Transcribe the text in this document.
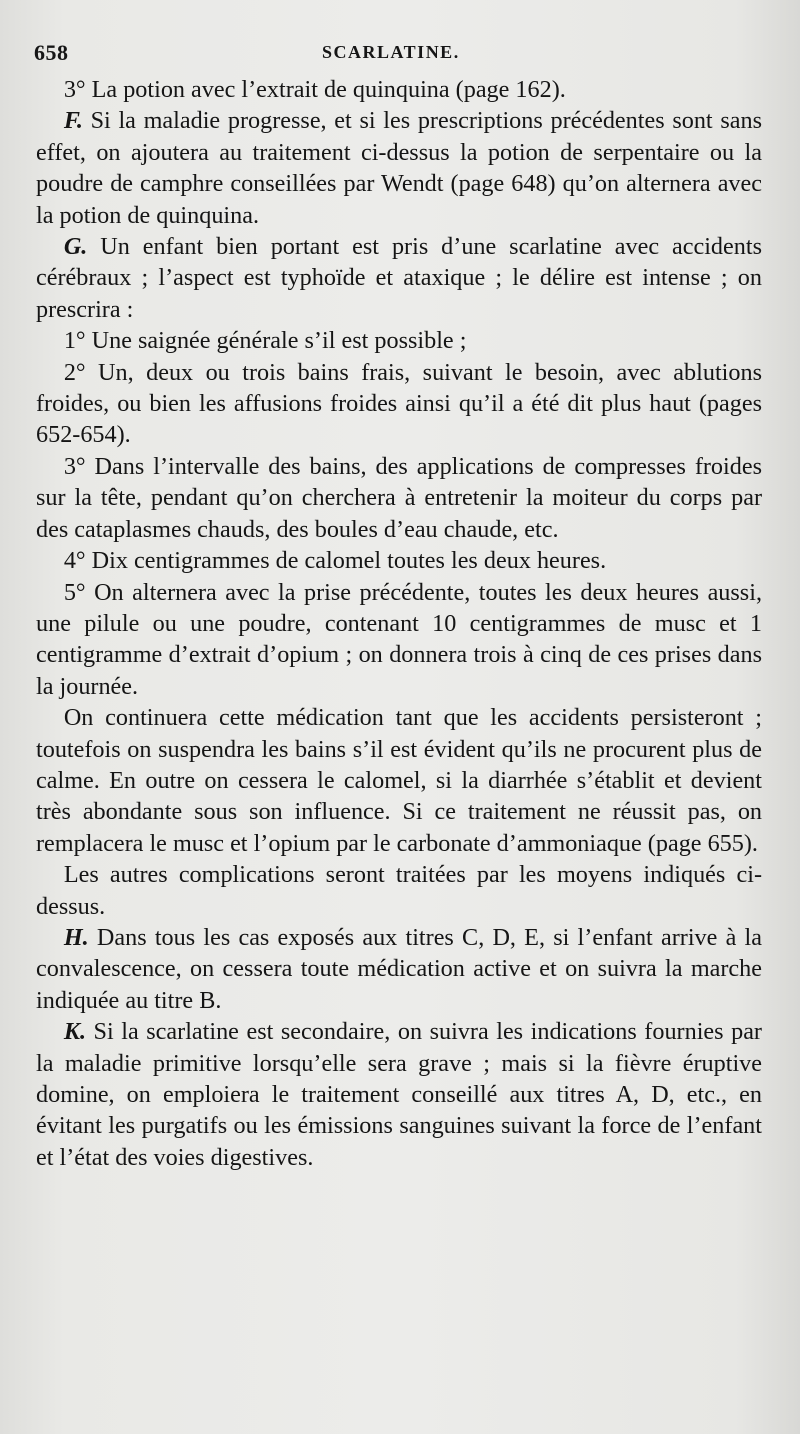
658	SCARLATINE.

3° La potion avec l’extrait de quinquina (page 162).

F. Si la maladie progresse, et si les prescriptions précédentes sont sans effet, on ajoutera au traitement ci-dessus la potion de serpentaire ou la poudre de camphre conseillées par Wendt (page 648) qu’on alternera avec la potion de quinquina.

G. Un enfant bien portant est pris d’une scarlatine avec accidents cérébraux ; l’aspect est typhoïde et ataxique ; le délire est intense ; on prescrira :

1° Une saignée générale s’il est possible ;

2° Un, deux ou trois bains frais, suivant le besoin, avec ablutions froides, ou bien les affusions froides ainsi qu’il a été dit plus haut (pages 652-654).

3° Dans l’intervalle des bains, des applications de compresses froides sur la tête, pendant qu’on cherchera à entretenir la moiteur du corps par des cataplasmes chauds, des boules d’eau chaude, etc.

4° Dix centigrammes de calomel toutes les deux heures.

5° On alternera avec la prise précédente, toutes les deux heures aussi, une pilule ou une poudre, contenant 10 centigrammes de musc et 1 centigramme d’extrait d’opium ; on donnera trois à cinq de ces prises dans la journée.

On continuera cette médication tant que les accidents persisteront ; toutefois on suspendra les bains s’il est évident qu’ils ne procurent plus de calme. En outre on cessera le calomel, si la diarrhée s’établit et devient très abondante sous son influence. Si ce traitement ne réussit pas, on remplacera le musc et l’opium par le carbonate d’ammoniaque (page 655).

Les autres complications seront traitées par les moyens indiqués ci-dessus.

H. Dans tous les cas exposés aux titres C, D, E, si l’enfant arrive à la convalescence, on cessera toute médication active et on suivra la marche indiquée au titre B.

K. Si la scarlatine est secondaire, on suivra les indications fournies par la maladie primitive lorsqu’elle sera grave ; mais si la fièvre éruptive domine, on emploiera le traitement conseillé aux titres A, D, etc., en évitant les purgatifs ou les émissions sanguines suivant la force de l’enfant et l’état des voies digestives.
